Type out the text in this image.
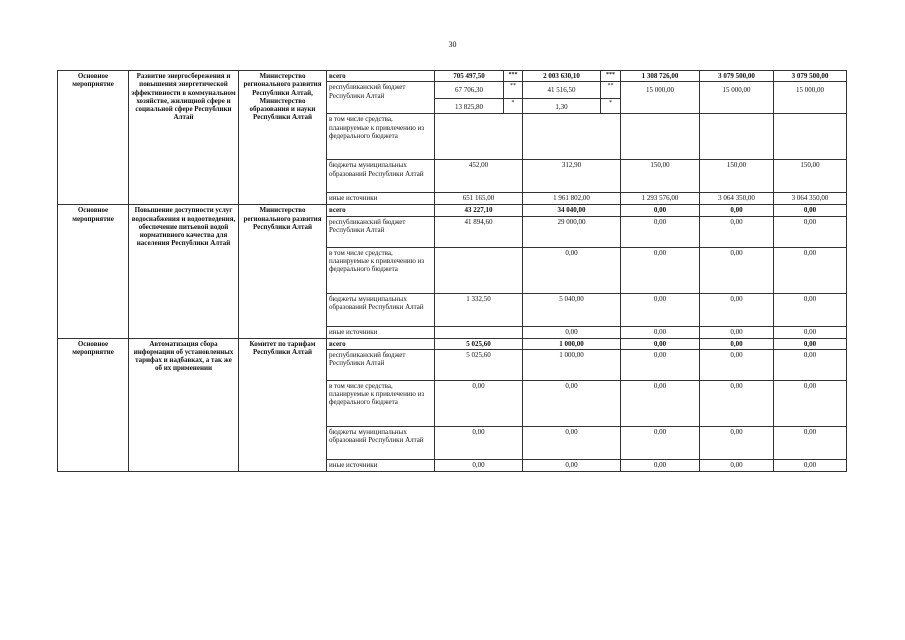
30
Основное мероприятие	Развитие энергосбережения и повышения энергетической эффективности в коммунальном хозяйстве, жилищной сфере и социальной сфере Республики Алтай	Министерство регионального развития Республики Алтай, Министерство образования и науки Республики Алтай	всего	705 497,50	***	2 003 630,10	***	1 308 726,00	3 079 500,00	3 079 500,00
			республиканский бюджет Республики Алтай	67 706,30	**	41 516,50	**	15 000,00	15 000,00	15 000,00
				13 825,80	*	1,30	*			
			в том числе средства, планируемые к привлечению из федерального бюджета							
			бюджеты муниципальных образований Республики Алтай	452,00		312,90		150,00	150,00	150,00
			иные источники	651 165,00		1 961 802,00		1 293 576,00	3 064 350,00	3 064 350,00

Основное мероприятие	Повышение доступности услуг водоснабжения и водоотведения, обеспечение питьевой водой нормативного качества для населения Республики Алтай	Министерство регионального развития Республики Алтай	всего	43 227,10		34 040,00		0,00	0,00	0,00
			республиканский бюджет Республики Алтай	41 894,60		29 000,00		0,00	0,00	0,00
			в том числе средства, планируемые к привлечению из федерального бюджета			0,00		0,00	0,00	0,00
			бюджеты муниципальных образований Республики Алтай	1 332,50		5 040,00		0,00	0,00	0,00
			иные источники			0,00		0,00	0,00	0,00
Основное мероприятие	Автоматизация сбора информации об установленных тарифах и надбавках, а так же об их применении	Комитет по тарифам Республики Алтай	всего	5 025,60		1 000,00		0,00	0,00	0,00
			республиканский бюджет Республики Алтай	5 025,60		1 000,00		0,00	0,00	0,00
			в том числе средства, планируемые к привлечению из федерального бюджета	0,00		0,00		0,00	0,00	0,00
			бюджеты муниципальных образований Республики Алтай	0,00		0,00		0,00	0,00	0,00
			иные источники	0,00		0,00		0,00	0,00	0,00
